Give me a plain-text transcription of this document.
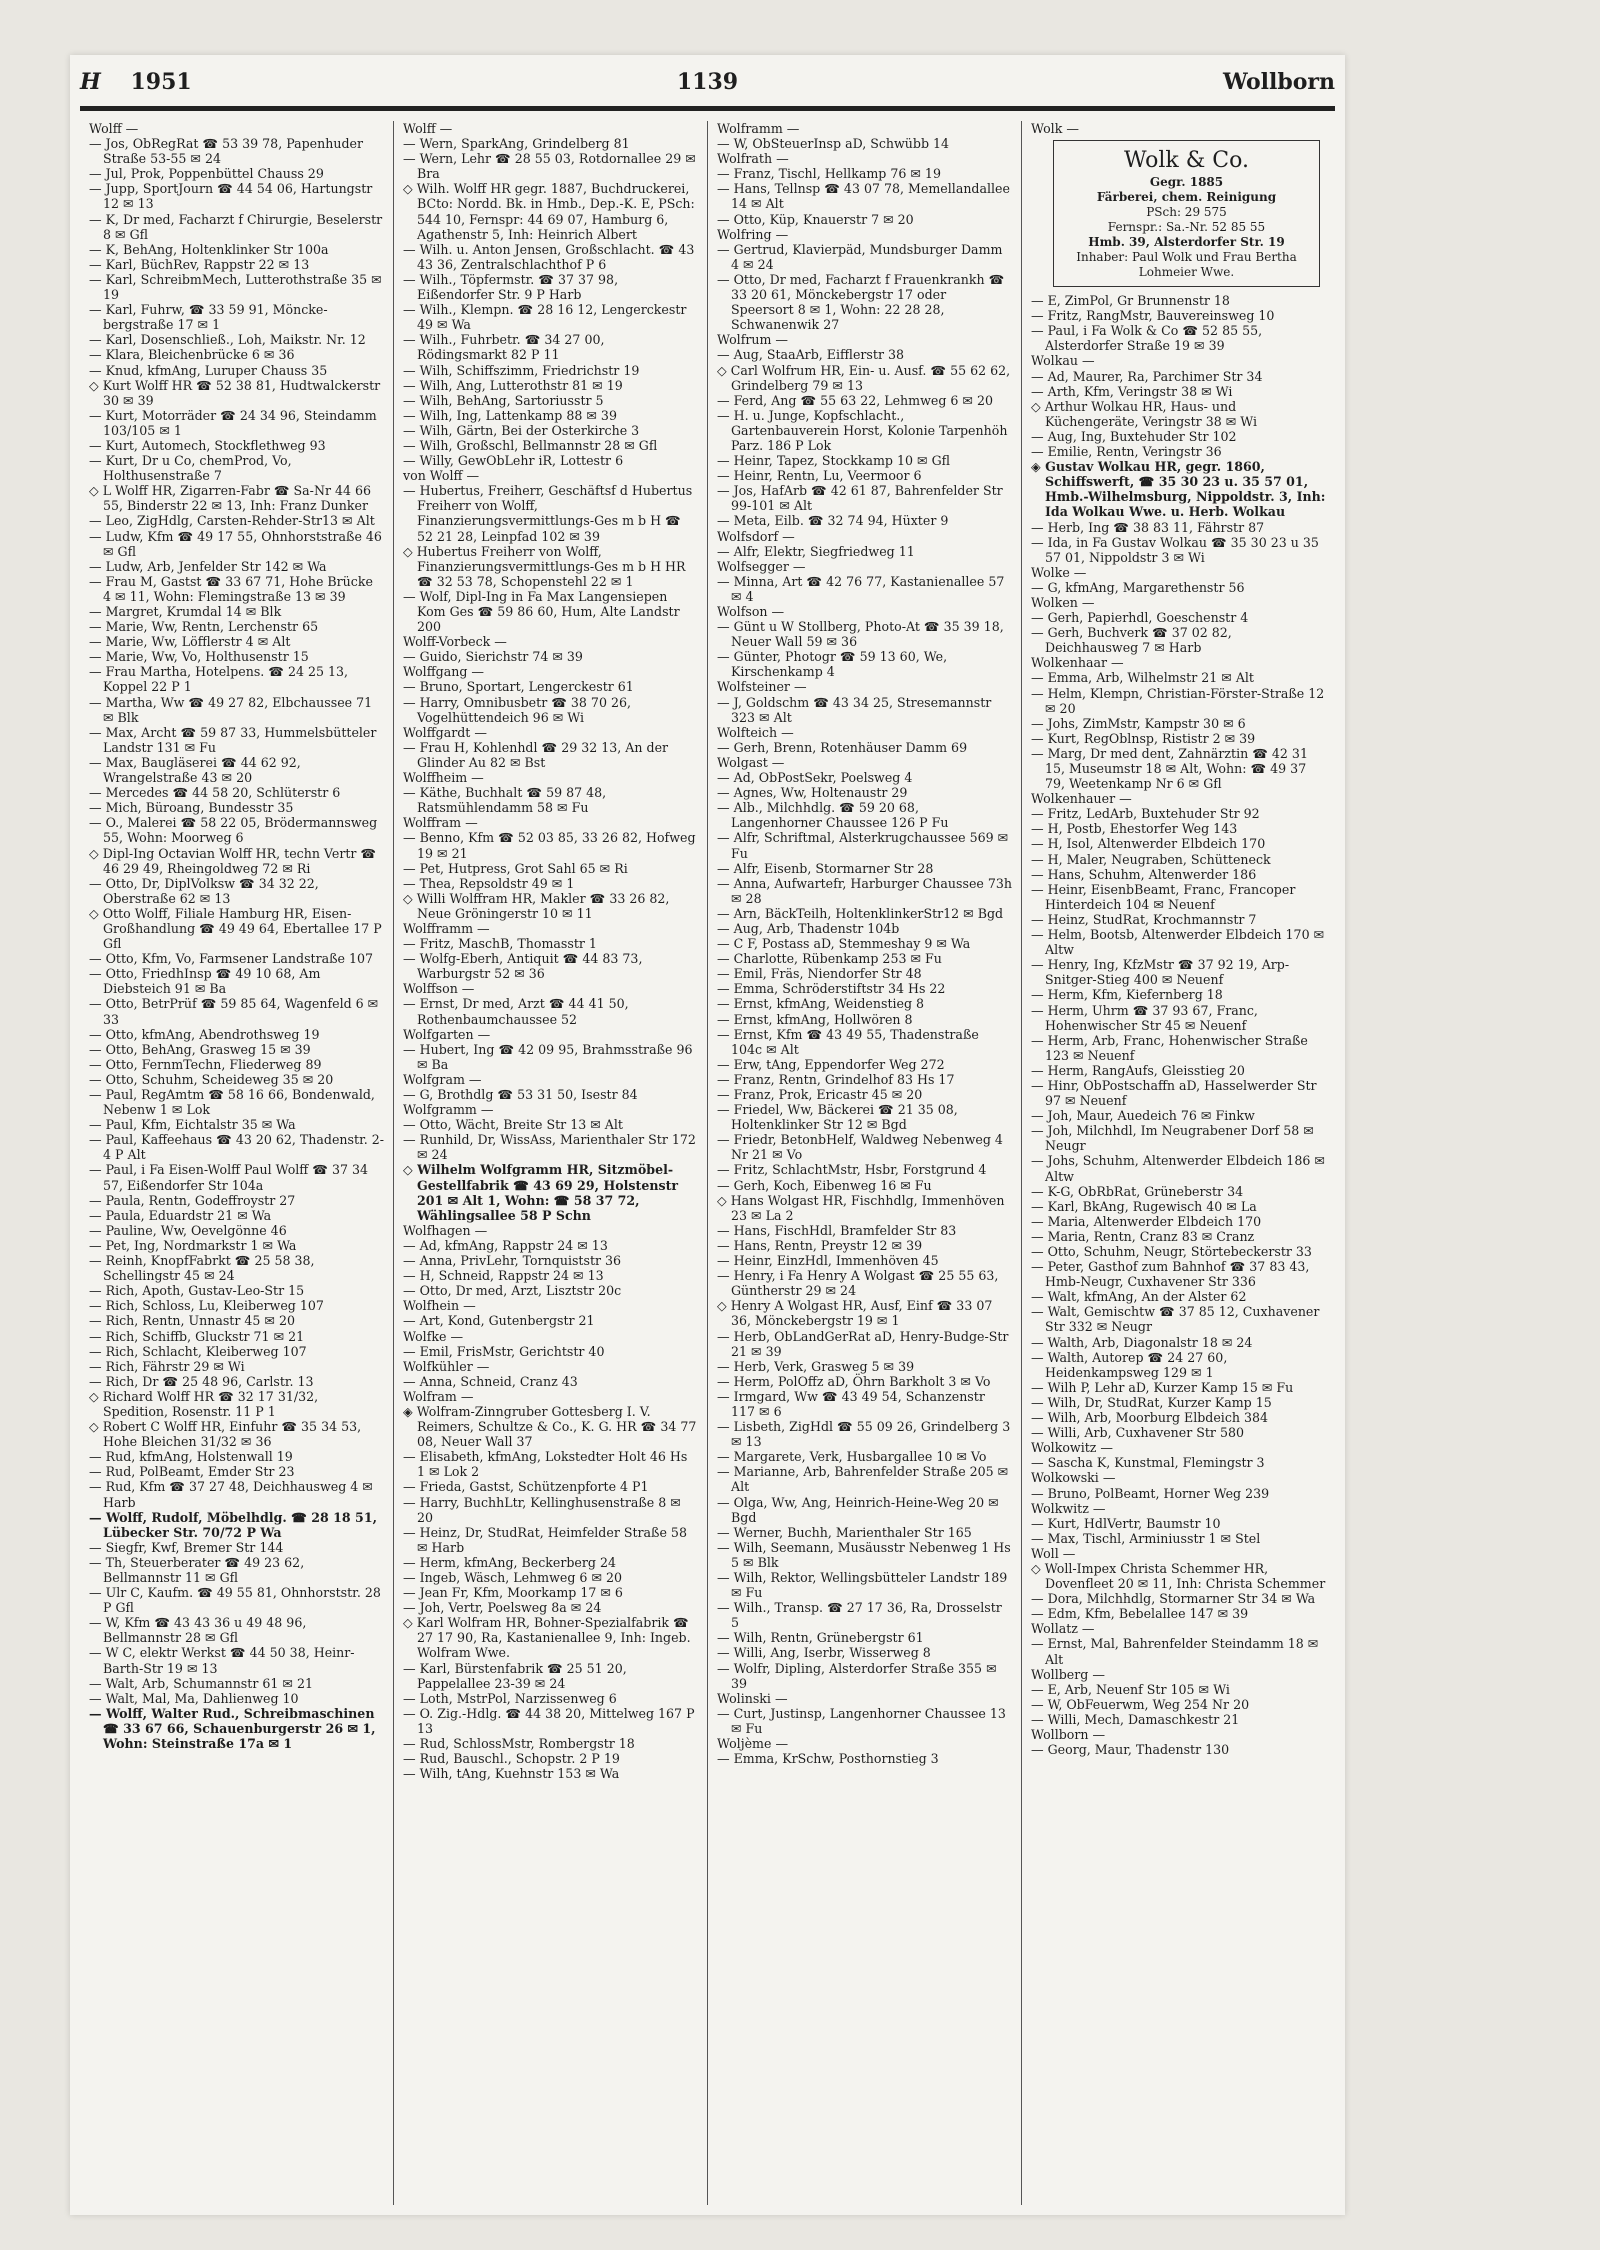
H 1951	1139	Wollborn
Wolff —
— Jos, ObRegRat ☎ 53 39 78, Papenhuder Straße 53-55 ✉ 24
— Jul, Prok, Poppenbüttel Chauss 29
— Jupp, SportJourn ☎ 44 54 06, Hartungstr 12 ✉ 13
— K, Dr med, Facharzt f Chirurgie, Beselerstr 8 ✉ Gfl
— K, BehAng, Holtenklinker Str 100a
— Karl, BüchRev, Rappstr 22 ✉ 13
— Karl, SchreibmMech, Lutterothstraße 35 ✉ 19
— Karl, Fuhrw, ☎ 33 59 91, Mönckebergstraße 17 ✉ 1
— Karl, Dosenschließ., Loh, Maikstr. Nr. 12
— Klara, Bleichenbrücke 6 ✉ 36
— Knud, kfmAng, Luruper Chauss 35
◇ Kurt Wolff HR ☎ 52 38 81, Hudtwalckerstr 30 ✉ 39
— Kurt, Motorräder ☎ 24 34 96, Steindamm 103/105 ✉ 1
— Kurt, Automech, Stockflethweg 93
— Kurt, Dr u Co, chemProd, Vo, Holthusenstraße 7
◇ L Wolff HR, Zigarren-Fabr ☎ Sa-Nr 44 66 55, Binderstr 22 ✉ 13, Inh: Franz Dunker
— Leo, ZigHdlg, Carsten-Rehder-Str13 ✉ Alt
— Ludw, Kfm ☎ 49 17 55, Ohnhorststraße 46 ✉ Gfl
— Ludw, Arb, Jenfelder Str 142 ✉ Wa
— Frau M, Gastst ☎ 33 67 71, Hohe Brücke 4 ✉ 11, Wohn: Flemingstraße 13 ✉ 39
— Margret, Krumdal 14 ✉ Blk
— Marie, Ww, Rentn, Lerchenstr 65
— Marie, Ww, Löfflerstr 4 ✉ Alt
— Marie, Ww, Vo, Holthusenstr 15
— Frau Martha, Hotelpens. ☎ 24 25 13, Koppel 22 P 1
— Martha, Ww ☎ 49 27 82, Elbchaussee 71 ✉ Blk
— Max, Archt ☎ 59 87 33, Hummelsbütteler Landstr 131 ✉ Fu
— Max, Baugläserei ☎ 44 62 92, Wrangelstraße 43 ✉ 20
— Mercedes ☎ 44 58 20, Schlüterstr 6
— Mich, Büroang, Bundesstr 35
— O., Malerei ☎ 58 22 05, Brödermannsweg 55, Wohn: Moorweg 6
◇ Dipl-Ing Octavian Wolff HR, techn Vertr ☎ 46 29 49, Rheingoldweg 72 ✉ Ri
— Otto, Dr, DiplVolksw ☎ 34 32 22, Oberstraße 62 ✉ 13
◇ Otto Wolff, Filiale Hamburg HR, Eisen-Großhandlung ☎ 49 49 64, Ebertallee 17 P Gfl
— Otto, Kfm, Vo, Farmsener Landstraße 107
— Otto, FriedhInsp ☎ 49 10 68, Am Diebsteich 91 ✉ Ba
— Otto, BetrPrüf ☎ 59 85 64, Wagenfeld 6 ✉ 33
— Otto, kfmAng, Abendrothsweg 19
— Otto, BehAng, Grasweg 15 ✉ 39
— Otto, FernmTechn, Fliederweg 89
— Otto, Schuhm, Scheideweg 35 ✉ 20
— Paul, RegAmtm ☎ 58 16 66, Bondenwald, Nebenw 1 ✉ Lok
— Paul, Kfm, Eichtalstr 35 ✉ Wa
— Paul, Kaffeehaus ☎ 43 20 62, Thadenstr. 2-4 P Alt
— Paul, i Fa Eisen-Wolff Paul Wolff ☎ 37 34 57, Eißendorfer Str 104a
— Paula, Rentn, Godeffroystr 27
— Paula, Eduardstr 21 ✉ Wa
— Pauline, Ww, Oevelgönne 46
— Pet, Ing, Nordmarkstr 1 ✉ Wa
— Reinh, KnopfFabrkt ☎ 25 58 38, Schellingstr 45 ✉ 24
— Rich, Apoth, Gustav-Leo-Str 15
— Rich, Schloss, Lu, Kleiberweg 107
— Rich, Rentn, Unnastr 45 ✉ 20
— Rich, Schiffb, Gluckstr 71 ✉ 21
— Rich, Schlacht, Kleiberweg 107
— Rich, Fährstr 29 ✉ Wi
— Rich, Dr ☎ 25 48 96, Carlstr. 13
◇ Richard Wolff HR ☎ 32 17 31/32, Spedition, Rosenstr. 11 P 1
◇ Robert C Wolff HR, Einfuhr ☎ 35 34 53, Hohe Bleichen 31/32 ✉ 36
— Rud, kfmAng, Holstenwall 19
— Rud, PolBeamt, Emder Str 23
— Rud, Kfm ☎ 37 27 48, Deichhausweg 4 ✉ Harb
— Wolff, Rudolf, Möbelhdlg. ☎ 28 18 51, Lübecker Str. 70/72 P Wa
— Siegfr, Kwf, Bremer Str 144
— Th, Steuerberater ☎ 49 23 62, Bellmannstr 11 ✉ Gfl
— Ulr C, Kaufm. ☎ 49 55 81, Ohnhorststr. 28 P Gfl
— W, Kfm ☎ 43 43 36 u 49 48 96, Bellmannstr 28 ✉ Gfl
— W C, elektr Werkst ☎ 44 50 38, Heinr-Barth-Str 19 ✉ 13
— Walt, Arb, Schumannstr 61 ✉ 21
— Walt, Mal, Ma, Dahlienweg 10
— Wolff, Walter Rud., Schreibmaschinen ☎ 33 67 66, Schauenburgerstr 26 ✉ 1, Wohn: Steinstraße 17a ✉ 1
Wolff —
— Wern, SparkAng, Grindelberg 81
— Wern, Lehr ☎ 28 55 03, Rotdornallee 29 ✉ Bra
◇ Wilh. Wolff HR gegr. 1887, Buchdruckerei, BCto: Nordd. Bk. in Hmb., Dep.-K. E, PSch: 544 10, Fernspr: 44 69 07, Hamburg 6, Agathenstr 5, Inh: Heinrich Albert
— Wilh. u. Anton Jensen, Großschlacht. ☎ 43 43 36, Zentralschlachthof P 6
— Wilh., Töpfermstr. ☎ 37 37 98, Eißendorfer Str. 9 P Harb
— Wilh., Klempn. ☎ 28 16 12, Lengerckestr 49 ✉ Wa
— Wilh., Fuhrbetr. ☎ 34 27 00, Rödingsmarkt 82 P 11
— Wilh, Schiffszimm, Friedrichstr 19
— Wilh, Ang, Lutterothstr 81 ✉ 19
— Wilh, BehAng, Sartoriusstr 5
— Wilh, Ing, Lattenkamp 88 ✉ 39
— Wilh, Gärtn, Bei der Osterkirche 3
— Wilh, Großschl, Bellmannstr 28 ✉ Gfl
— Willy, GewObLehr iR, Lottestr 6
von Wolff —
— Hubertus, Freiherr, Geschäftsf d Hubertus Freiherr von Wolff, Finanzierungsvermittlungs-Ges m b H ☎ 52 21 28, Leinpfad 102 ✉ 39
◇ Hubertus Freiherr von Wolff, Finanzierungsvermittlungs-Ges m b H HR ☎ 32 53 78, Schopenstehl 22 ✉ 1
— Wolf, Dipl-Ing in Fa Max Langensiepen Kom Ges ☎ 59 86 60, Hum, Alte Landstr 200
Wolff-Vorbeck —
— Guido, Sierichstr 74 ✉ 39
Wolffgang —
— Bruno, Sportart, Lengerckestr 61
— Harry, Omnibusbetr ☎ 38 70 26, Vogelhüttendeich 96 ✉ Wi
Wolffgardt —
— Frau H, Kohlenhdl ☎ 29 32 13, An der Glinder Au 82 ✉ Bst
Wolffheim —
— Käthe, Buchhalt ☎ 59 87 48, Ratsmühlendamm 58 ✉ Fu
Wolffram —
— Benno, Kfm ☎ 52 03 85, 33 26 82, Hofweg 19 ✉ 21
— Pet, Hutpress, Grot Sahl 65 ✉ Ri
— Thea, Repsoldstr 49 ✉ 1
◇ Willi Wolffram HR, Makler ☎ 33 26 82, Neue Gröningerstr 10 ✉ 11
Wolfframm —
— Fritz, MaschB, Thomasstr 1
— Wolfg-Eberh, Antiquit ☎ 44 83 73, Warburgstr 52 ✉ 36
Wolffson —
— Ernst, Dr med, Arzt ☎ 44 41 50, Rothenbaumchaussee 52
Wolfgarten —
— Hubert, Ing ☎ 42 09 95, Brahmsstraße 96 ✉ Ba
Wolfgram —
— G, Brothdlg ☎ 53 31 50, Isestr 84
Wolfgramm —
— Otto, Wächt, Breite Str 13 ✉ Alt
— Runhild, Dr, WissAss, Marienthaler Str 172 ✉ 24
◇ Wilhelm Wolfgramm HR, Sitzmöbel-Gestellfabrik ☎ 43 69 29, Holstenstr 201 ✉ Alt 1, Wohn: ☎ 58 37 72, Wählingsallee 58 P Schn
Wolfhagen —
— Ad, kfmAng, Rappstr 24 ✉ 13
— Anna, PrivLehr, Tornquiststr 36
— H, Schneid, Rappstr 24 ✉ 13
— Otto, Dr med, Arzt, Lisztstr 20c
Wolfhein —
— Art, Kond, Gutenbergstr 21
Wolfke —
— Emil, FrisMstr, Gerichtstr 40
Wolfkühler —
— Anna, Schneid, Cranz 43
Wolfram —
◈ Wolfram-Zinngruber Gottesberg I. V. Reimers, Schultze & Co., K. G. HR ☎ 34 77 08, Neuer Wall 37
— Elisabeth, kfmAng, Lokstedter Holt 46 Hs 1 ✉ Lok 2
— Frieda, Gastst, Schützenpforte 4 P1
— Harry, BuchhLtr, Kellinghusenstraße 8 ✉ 20
— Heinz, Dr, StudRat, Heimfelder Straße 58 ✉ Harb
— Herm, kfmAng, Beckerberg 24
— Ingeb, Wäsch, Lehmweg 6 ✉ 20
— Jean Fr, Kfm, Moorkamp 17 ✉ 6
— Joh, Vertr, Poelsweg 8a ✉ 24
◇ Karl Wolfram HR, Bohner-Spezialfabrik ☎ 27 17 90, Ra, Kastanienallee 9, Inh: Ingeb. Wolfram Wwe.
— Karl, Bürstenfabrik ☎ 25 51 20, Pappelallee 23-39 ✉ 24
— Loth, MstrPol, Narzissenweg 6
— O. Zig.-Hdlg. ☎ 44 38 20, Mittelweg 167 P 13
— Rud, SchlossMstr, Rombergstr 18
— Rud, Bauschl., Schopstr. 2 P 19
— Wilh, tAng, Kuehnstr 153 ✉ Wa
Wolframm —
— W, ObSteuerInsp aD, Schwübb 14
Wolfrath —
— Franz, Tischl, Hellkamp 76 ✉ 19
— Hans, Tellnsp ☎ 43 07 78, Memellandallee 14 ✉ Alt
— Otto, Küp, Knauerstr 7 ✉ 20
Wolfring —
— Gertrud, Klavierpäd, Mundsburger Damm 4 ✉ 24
— Otto, Dr med, Facharzt f Frauenkrankh ☎ 33 20 61, Mönckebergstr 17 oder Speersort 8 ✉ 1, Wohn: 22 28 28, Schwanenwik 27
Wolfrum —
— Aug, StaaArb, Eifflerstr 38
◇ Carl Wolfrum HR, Ein- u. Ausf. ☎ 55 62 62, Grindelberg 79 ✉ 13
— Ferd, Ang ☎ 55 63 22, Lehmweg 6 ✉ 20
— H. u. Junge, Kopfschlacht., Gartenbauverein Horst, Kolonie Tarpenhöh Parz. 186 P Lok
— Heinr, Tapez, Stockkamp 10 ✉ Gfl
— Heinr, Rentn, Lu, Veermoor 6
— Jos, HafArb ☎ 42 61 87, Bahrenfelder Str 99-101 ✉ Alt
— Meta, Eilb. ☎ 32 74 94, Hüxter 9
Wolfsdorf —
— Alfr, Elektr, Siegfriedweg 11
Wolfsegger —
— Minna, Art ☎ 42 76 77, Kastanienallee 57 ✉ 4
Wolfson —
— Günt u W Stollberg, Photo-At ☎ 35 39 18, Neuer Wall 59 ✉ 36
— Günter, Photogr ☎ 59 13 60, We, Kirschenkamp 4
Wolfsteiner —
— J, Goldschm ☎ 43 34 25, Stresemannstr 323 ✉ Alt
Wolfteich —
— Gerh, Brenn, Rotenhäuser Damm 69
Wolgast —
— Ad, ObPostSekr, Poelsweg 4
— Agnes, Ww, Holtenaustr 29
— Alb., Milchhdlg. ☎ 59 20 68, Langenhorner Chaussee 126 P Fu
— Alfr, Schriftmal, Alsterkrugchaussee 569 ✉ Fu
— Alfr, Eisenb, Stormarner Str 28
— Anna, Aufwartefr, Harburger Chaussee 73h ✉ 28
— Arn, BäckTeilh, HoltenklinkerStr12 ✉ Bgd
— Aug, Arb, Thadenstr 104b
— C F, Postass aD, Stemmeshay 9 ✉ Wa
— Charlotte, Rübenkamp 253 ✉ Fu
— Emil, Fräs, Niendorfer Str 48
— Emma, Schröderstiftstr 34 Hs 22
— Ernst, kfmAng, Weidenstieg 8
— Ernst, kfmAng, Hollwören 8
— Ernst, Kfm ☎ 43 49 55, Thadenstraße 104c ✉ Alt
— Erw, tAng, Eppendorfer Weg 272
— Franz, Rentn, Grindelhof 83 Hs 17
— Franz, Prok, Ericastr 45 ✉ 20
— Friedel, Ww, Bäckerei ☎ 21 35 08, Holtenklinker Str 12 ✉ Bgd
— Friedr, BetonbHelf, Waldweg Nebenweg 4 Nr 21 ✉ Vo
— Fritz, SchlachtMstr, Hsbr, Forstgrund 4
— Gerh, Koch, Eibenweg 16 ✉ Fu
◇ Hans Wolgast HR, Fischhdlg, Immenhöven 23 ✉ La 2
— Hans, FischHdl, Bramfelder Str 83
— Hans, Rentn, Preystr 12 ✉ 39
— Heinr, EinzHdl, Immenhöven 45
— Henry, i Fa Henry A Wolgast ☎ 25 55 63, Güntherstr 29 ✉ 24
◇ Henry A Wolgast HR, Ausf, Einf ☎ 33 07 36, Mönckebergstr 19 ✉ 1
— Herb, ObLandGerRat aD, Henry-Budge-Str 21 ✉ 39
— Herb, Verk, Grasweg 5 ✉ 39
— Herm, PolOffz aD, Öhrn Barkholt 3 ✉ Vo
— Irmgard, Ww ☎ 43 49 54, Schanzenstr 117 ✉ 6
— Lisbeth, ZigHdl ☎ 55 09 26, Grindelberg 3 ✉ 13
— Margarete, Verk, Husbargallee 10 ✉ Vo
— Marianne, Arb, Bahrenfelder Straße 205 ✉ Alt
— Olga, Ww, Ang, Heinrich-Heine-Weg 20 ✉ Bgd
— Werner, Buchh, Marienthaler Str 165
— Wilh, Seemann, Musäusstr Nebenweg 1 Hs 5 ✉ Blk
— Wilh, Rektor, Wellingsbütteler Landstr 189 ✉ Fu
— Wilh., Transp. ☎ 27 17 36, Ra, Drosselstr 5
— Wilh, Rentn, Grünebergstr 61
— Willi, Ang, Iserbr, Wisserweg 8
— Wolfr, Dipling, Alsterdorfer Straße 355 ✉ 39
Wolinski —
— Curt, Justinsp, Langenhorner Chaussee 13 ✉ Fu
Woljème —
— Emma, KrSchw, Posthornstieg 3
Wolk —
Wolk & Co.
Gegr. 1885
Färberei, chem. Reinigung
PSch: 29 575
Fernspr.: Sa.-Nr. 52 85 55
Hmb. 39, Alsterdorfer Str. 19
Inhaber: Paul Wolk und Frau Bertha Lohmeier Wwe.
— E, ZimPol, Gr Brunnenstr 18
— Fritz, RangMstr, Bauvereinsweg 10
— Paul, i Fa Wolk & Co ☎ 52 85 55, Alsterdorfer Straße 19 ✉ 39
Wolkau —
— Ad, Maurer, Ra, Parchimer Str 34
— Arth, Kfm, Veringstr 38 ✉ Wi
◇ Arthur Wolkau HR, Haus- und Küchengeräte, Veringstr 38 ✉ Wi
— Aug, Ing, Buxtehuder Str 102
— Emilie, Rentn, Veringstr 36
◈ Gustav Wolkau HR, gegr. 1860, Schiffswerft, ☎ 35 30 23 u. 35 57 01, Hmb.-Wilhelmsburg, Nippoldstr. 3, Inh: Ida Wolkau Wwe. u. Herb. Wolkau
— Herb, Ing ☎ 38 83 11, Fährstr 87
— Ida, in Fa Gustav Wolkau ☎ 35 30 23 u 35 57 01, Nippoldstr 3 ✉ Wi
Wolke —
— G, kfmAng, Margarethenstr 56
Wolken —
— Gerh, Papierhdl, Goeschenstr 4
— Gerh, Buchverk ☎ 37 02 82, Deichhausweg 7 ✉ Harb
Wolkenhaar —
— Emma, Arb, Wilhelmstr 21 ✉ Alt
— Helm, Klempn, Christian-Förster-Straße 12 ✉ 20
— Johs, ZimMstr, Kampstr 30 ✉ 6
— Kurt, RegOblnsp, Rististr 2 ✉ 39
— Marg, Dr med dent, Zahnärztin ☎ 42 31 15, Museumstr 18 ✉ Alt, Wohn: ☎ 49 37 79, Weetenkamp Nr 6 ✉ Gfl
Wolkenhauer —
— Fritz, LedArb, Buxtehuder Str 92
— H, Postb, Ehestorfer Weg 143
— H, Isol, Altenwerder Elbdeich 170
— H, Maler, Neugraben, Schütteneck
— Hans, Schuhm, Altenwerder 186
— Heinr, EisenbBeamt, Franc, Francoper Hinterdeich 104 ✉ Neuenf
— Heinz, StudRat, Krochmannstr 7
— Helm, Bootsb, Altenwerder Elbdeich 170 ✉ Altw
— Henry, Ing, KfzMstr ☎ 37 92 19, Arp-Snitger-Stieg 400 ✉ Neuenf
— Herm, Kfm, Kiefernberg 18
— Herm, Uhrm ☎ 37 93 67, Franc, Hohenwischer Str 45 ✉ Neuenf
— Herm, Arb, Franc, Hohenwischer Straße 123 ✉ Neuenf
— Herm, RangAufs, Gleisstieg 20
— Hinr, ObPostschaffn aD, Hasselwerder Str 97 ✉ Neuenf
— Joh, Maur, Auedeich 76 ✉ Finkw
— Joh, Milchhdl, Im Neugrabener Dorf 58 ✉ Neugr
— Johs, Schuhm, Altenwerder Elbdeich 186 ✉ Altw
— K-G, ObRbRat, Grüneberstr 34
— Karl, BkAng, Rugewisch 40 ✉ La
— Maria, Altenwerder Elbdeich 170
— Maria, Rentn, Cranz 83 ✉ Cranz
— Otto, Schuhm, Neugr, Störtebeckerstr 33
— Peter, Gasthof zum Bahnhof ☎ 37 83 43, Hmb-Neugr, Cuxhavener Str 336
— Walt, kfmAng, An der Alster 62
— Walt, Gemischtw ☎ 37 85 12, Cuxhavener Str 332 ✉ Neugr
— Walth, Arb, Diagonalstr 18 ✉ 24
— Walth, Autorep ☎ 24 27 60, Heidenkampsweg 129 ✉ 1
— Wilh P, Lehr aD, Kurzer Kamp 15 ✉ Fu
— Wilh, Dr, StudRat, Kurzer Kamp 15
— Wilh, Arb, Moorburg Elbdeich 384
— Willi, Arb, Cuxhavener Str 580
Wolkowitz —
— Sascha K, Kunstmal, Flemingstr 3
Wolkowski —
— Bruno, PolBeamt, Horner Weg 239
Wolkwitz —
— Kurt, HdlVertr, Baumstr 10
— Max, Tischl, Arminiusstr 1 ✉ Stel
Woll —
◇ Woll-Impex Christa Schemmer HR, Dovenfleet 20 ✉ 11, Inh: Christa Schemmer
— Dora, Milchhdlg, Stormarner Str 34 ✉ Wa
— Edm, Kfm, Bebelallee 147 ✉ 39
Wollatz —
— Ernst, Mal, Bahrenfelder Steindamm 18 ✉ Alt
Wollberg —
— E, Arb, Neuenf Str 105 ✉ Wi
— W, ObFeuerwm, Weg 254 Nr 20
— Willi, Mech, Damaschkestr 21
Wollborn —
— Georg, Maur, Thadenstr 130
